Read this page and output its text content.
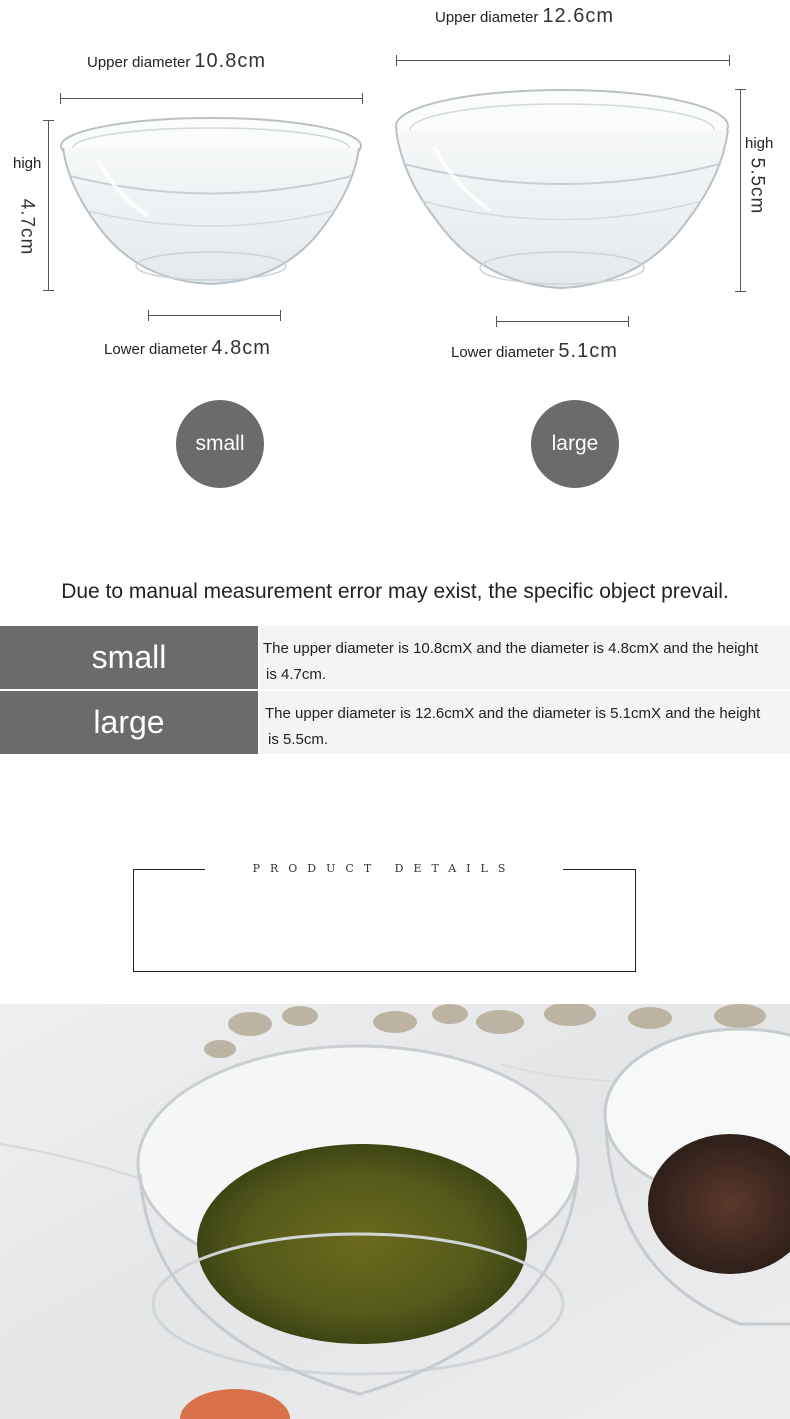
Upper diameter 10.8cm
high
4.7cm
Lower diameter 4.8cm
small
Upper diameter 12.6cm
high
5.5cm
Lower diameter 5.1cm
large
Due to manual measurement error may exist, the specific object prevail.
small	The upper diameter is 10.8cmX and the diameter is 4.8cmX and the height
is 4.7cm.
large	The upper diameter is 12.6cmX and the diameter is 5.1cmX and the height
is 5.5cm.
PRODUCT DETAILS
